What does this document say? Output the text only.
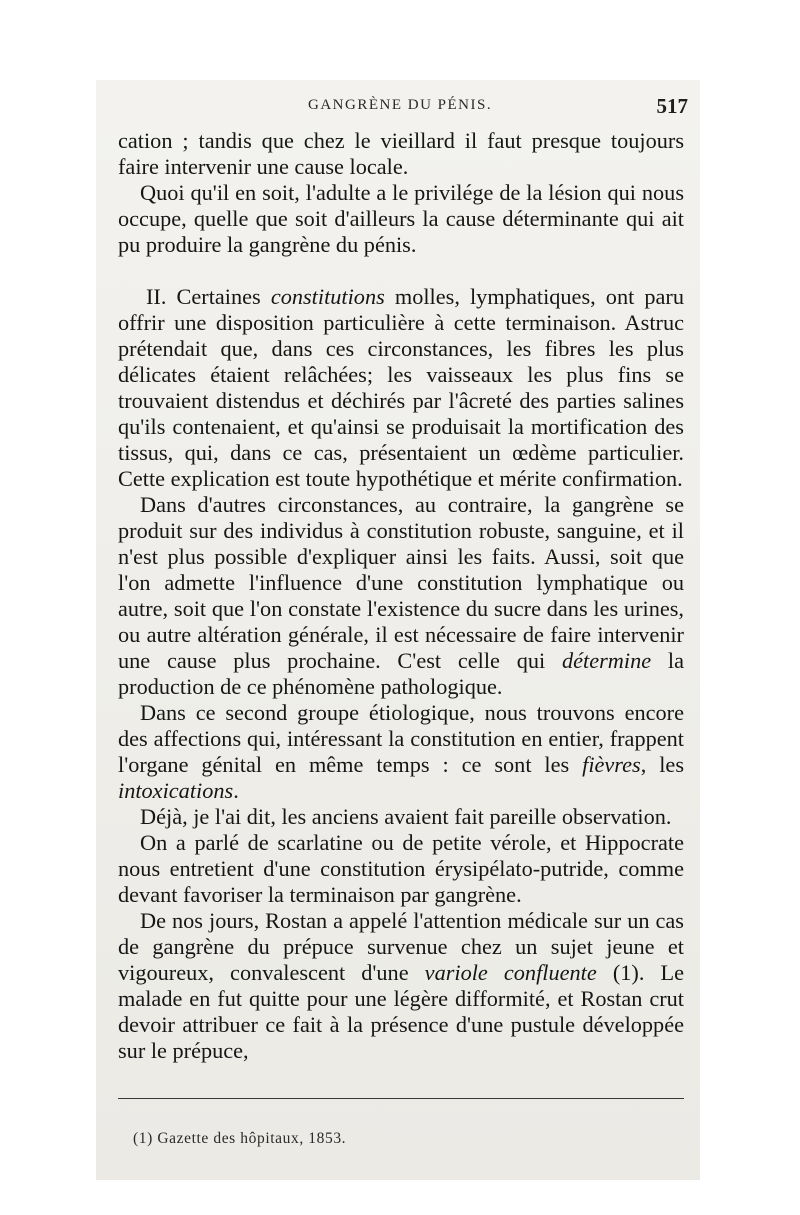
GANGRÈNE DU PÉNIS.	517

cation ; tandis que chez le vieillard il faut presque toujours faire intervenir une cause locale.

Quoi qu'il en soit, l'adulte a le privilége de la lésion qui nous occupe, quelle que soit d'ailleurs la cause déterminante qui ait pu produire la gangrène du pénis.

II. Certaines constitutions molles, lymphatiques, ont paru offrir une disposition particulière à cette terminaison. Astruc prétendait que, dans ces circonstances, les fibres les plus délicates étaient relâchées; les vaisseaux les plus fins se trouvaient distendus et déchirés par l'âcreté des parties salines qu'ils contenaient, et qu'ainsi se produisait la mortification des tissus, qui, dans ce cas, présentaient un œdème particulier. Cette explication est toute hypothétique et mérite confirmation.

Dans d'autres circonstances, au contraire, la gangrène se produit sur des individus à constitution robuste, sanguine, et il n'est plus possible d'expliquer ainsi les faits. Aussi, soit que l'on admette l'influence d'une constitution lymphatique ou autre, soit que l'on constate l'existence du sucre dans les urines, ou autre altération générale, il est nécessaire de faire intervenir une cause plus prochaine. C'est celle qui détermine la production de ce phénomène pathologique.

Dans ce second groupe étiologique, nous trouvons encore des affections qui, intéressant la constitution en entier, frappent l'organe génital en même temps : ce sont les fièvres, les intoxications.

Déjà, je l'ai dit, les anciens avaient fait pareille observation.

On a parlé de scarlatine ou de petite vérole, et Hippocrate nous entretient d'une constitution érysipélato-putride, comme devant favoriser la terminaison par gangrène.

De nos jours, Rostan a appelé l'attention médicale sur un cas de gangrène du prépuce survenue chez un sujet jeune et vigoureux, convalescent d'une variole confluente (1). Le malade en fut quitte pour une légère difformité, et Rostan crut devoir attribuer ce fait à la présence d'une pustule développée sur le prépuce,

(1) Gazette des hôpitaux, 1853.
